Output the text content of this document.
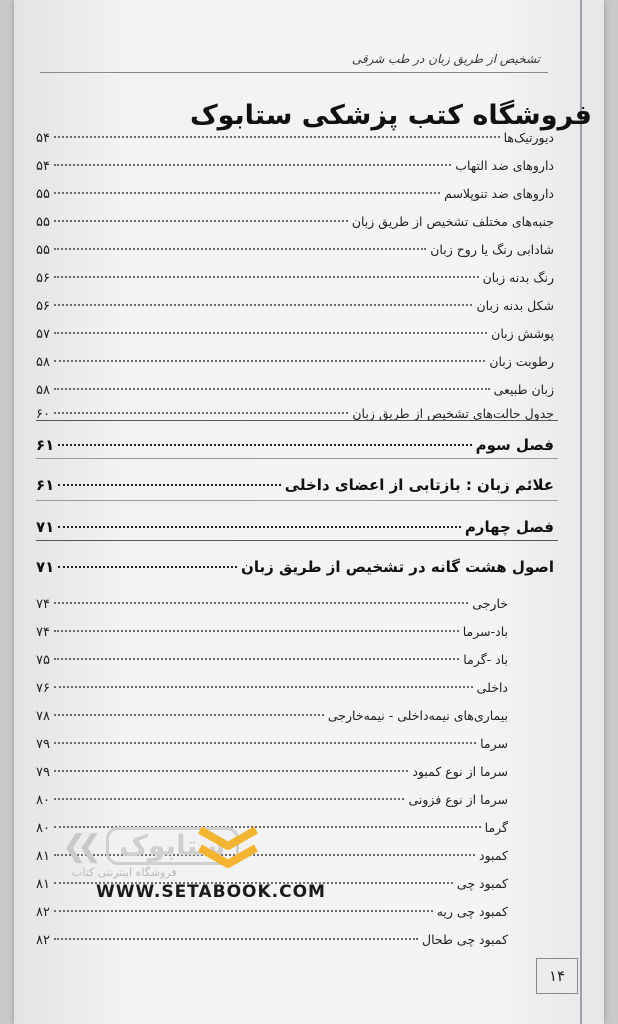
تشخیص از طریق زبان در طب شرقی
فروشگاه کتب پزشکی ستابوک
دیورتیک‌ها
۵۴
داروهای ضد التهاب
۵۴
داروهای ضد تنوپلاسم
۵۵
جنبه‌های مختلف تشخیص از طریق زبان
۵۵
شادابی رنگ یا روح زبان
۵۵
رنگ بدنه زبان
۵۶
شکل بدنه زبان
۵۶
پوشش زبان
۵۷
رطوبت زبان
۵۸
زبان طبیعی
۵۸
جدول حالت‌های تشخیص از طریق زبان
۶۰
فصل سوم
۶۱
علائم زبان : بازتابی از اعضای داخلی
۶۱
فصل چهارم
۷۱
اصول هشت گانه در تشخیص از طریق زبان
۷۱
خارجی
۷۴
باد-سرما
۷۴
باد -گرما
۷۵
داخلی
۷۶
بیماری‌های نیمه‌داخلی - نیمه‌خارجی
۷۸
سرما
۷۹
سرما از نوع کمبود
۷۹
سرما از نوع فزونی
۸۰
گرما
۸۰
کمبود
۸۱
کمبود چی
۸۱
کمبود چی ریه
۸۲
کمبود چی طحال
۸۲
❮❮ ستابوک
فروشگاه اینترنتی کتاب
WWW.SETABOOK.COM
۱۴
